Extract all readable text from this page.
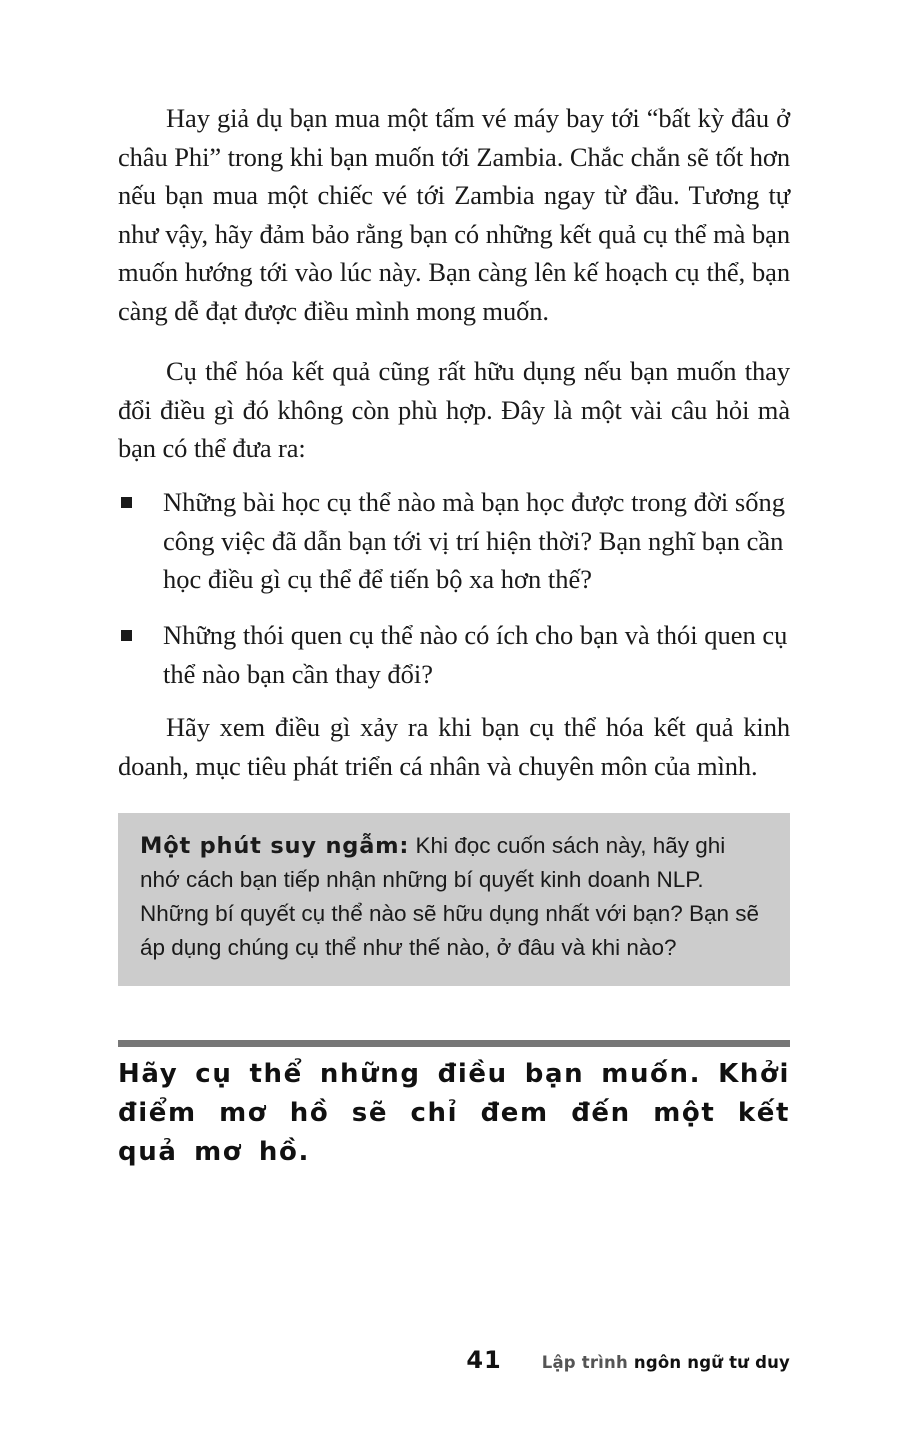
Hay giả dụ bạn mua một tấm vé máy bay tới “bất kỳ đâu ở châu Phi” trong khi bạn muốn tới Zambia. Chắc chắn sẽ tốt hơn nếu bạn mua một chiếc vé tới Zambia ngay từ đầu. Tương tự như vậy, hãy đảm bảo rằng bạn có những kết quả cụ thể mà bạn muốn hướng tới vào lúc này. Bạn càng lên kế hoạch cụ thể, bạn càng dễ đạt được điều mình mong muốn.

Cụ thể hóa kết quả cũng rất hữu dụng nếu bạn muốn thay đổi điều gì đó không còn phù hợp. Đây là một vài câu hỏi mà bạn có thể đưa ra:

Những bài học cụ thể nào mà bạn học được trong đời sống công việc đã dẫn bạn tới vị trí hiện thời? Bạn nghĩ bạn cần học điều gì cụ thể để tiến bộ xa hơn thế?

Những thói quen cụ thể nào có ích cho bạn và thói quen cụ thể nào bạn cần thay đổi?

Hãy xem điều gì xảy ra khi bạn cụ thể hóa kết quả kinh doanh, mục tiêu phát triển cá nhân và chuyên môn của mình.

Một phút suy ngẫm: Khi đọc cuốn sách này, hãy ghi nhớ cách bạn tiếp nhận những bí quyết kinh doanh NLP. Những bí quyết cụ thể nào sẽ hữu dụng nhất với bạn? Bạn sẽ áp dụng chúng cụ thể như thế nào, ở đâu và khi nào?

Hãy cụ thể những điều bạn muốn. Khởi điểm mơ hồ sẽ chỉ đem đến một kết quả mơ hồ.

41 Lập trình ngôn ngữ tư duy
